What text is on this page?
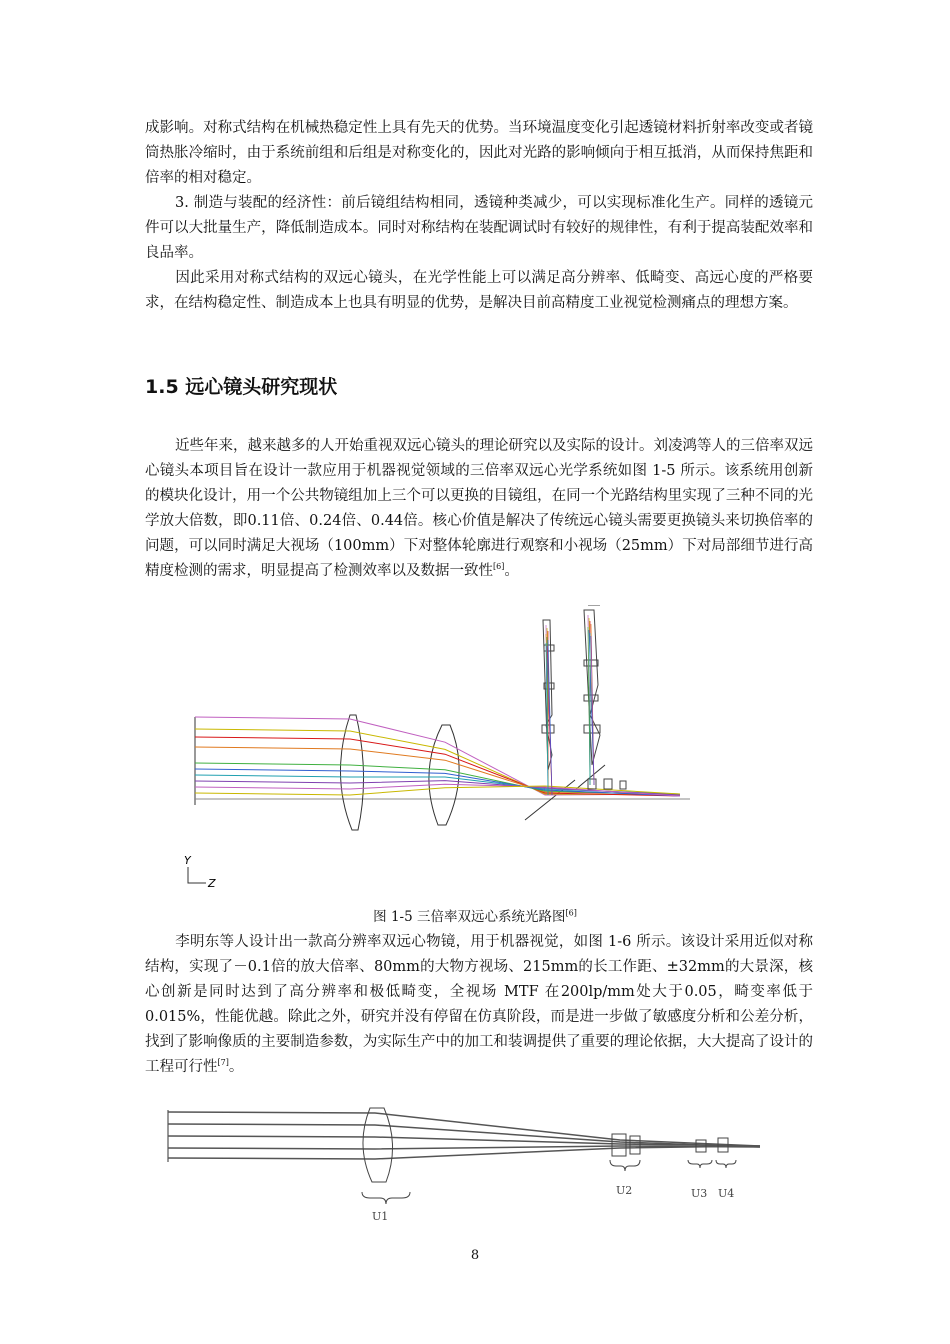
成影响。对称式结构在机械热稳定性上具有先天的优势。当环境温度变化引起透镜材料折射率改变或者镜筒热胀冷缩时，由于系统前组和后组是对称变化的，因此对光路的影响倾向于相互抵消，从而保持焦距和倍率的相对稳定。

3. 制造与装配的经济性：前后镜组结构相同，透镜种类减少，可以实现标准化生产。同样的透镜元件可以大批量生产，降低制造成本。同时对称结构在装配调试时有较好的规律性，有利于提高装配效率和良品率。

因此采用对称式结构的双远心镜头，在光学性能上可以满足高分辨率、低畸变、高远心度的严格要求，在结构稳定性、制造成本上也具有明显的优势，是解决目前高精度工业视觉检测痛点的理想方案。

1.5 远心镜头研究现状

近些年来，越来越多的人开始重视双远心镜头的理论研究以及实际的设计。刘凌鸿等人的三倍率双远心镜头本项目旨在设计一款应用于机器视觉领域的三倍率双远心光学系统如图 1-5 所示。该系统用创新的模块化设计，用一个公共物镜组加上三个可以更换的目镜组，在同一个光路结构里实现了三种不同的光学放大倍数，即0.11倍、0.24倍、0.44倍。核心价值是解决了传统远心镜头需要更换镜头来切换倍率的问题，可以同时满足大视场（100mm）下对整体轮廓进行观察和小视场（25mm）下对局部细节进行高精度检测的需求，明显提高了检测效率以及数据一致性[6]。

Y
Z

图 1-5 三倍率双远心系统光路图[6]

李明东等人设计出一款高分辨率双远心物镜，用于机器视觉，如图 1-6 所示。该设计采用近似对称结构，实现了－0.1倍的放大倍率、80mm的大物方视场、215mm的长工作距、±32mm的大景深，核心创新是同时达到了高分辨率和极低畸变，全视场 MTF 在200lp/mm处大于0.05，畸变率低于0.015%，性能优越。除此之外，研究并没有停留在仿真阶段，而是进一步做了敏感度分析和公差分析，找到了影响像质的主要制造参数，为实际生产中的加工和装调提供了重要的理论依据，大大提高了设计的工程可行性[7]。

U1
U2	U3 U4
8
